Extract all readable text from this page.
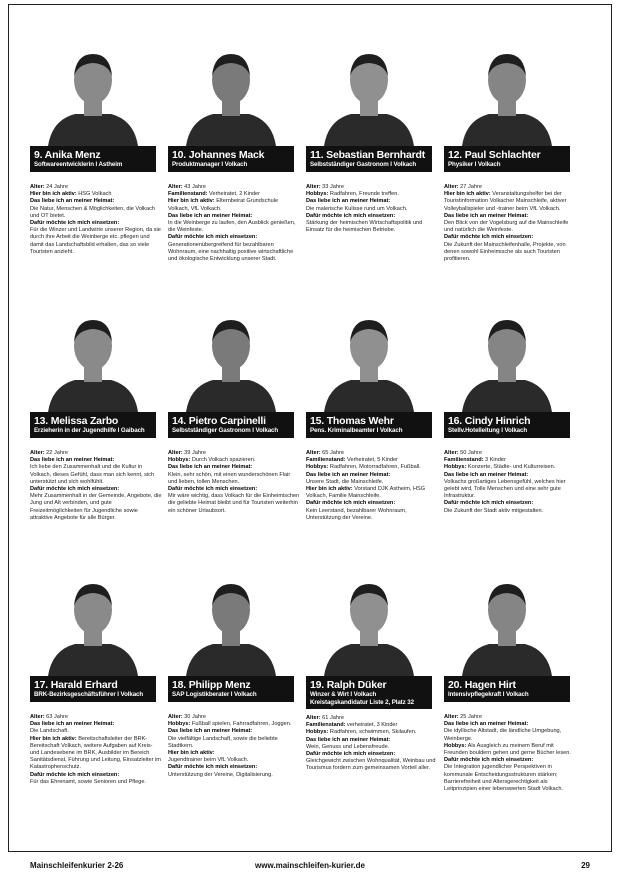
9. Anika Menz
Softwareentwicklerin I Astheim

Alter: 24 Jahre

Hier bin ich aktiv: HSG Volkach

Das liebe ich an meiner Heimat:

Die Natur, Menschen & Möglichkeiten, die Volkach und OT bietet.

Dafür möchte ich mich einsetzen:

Für die Winzer und Landwirte unserer Region, da sie durch ihre Arbeit die Weinberge etc. pflegen und damit das Landschaftsbild erhalten, das so viele Touristen anzieht.

10. Johannes Mack
Produktmanager I Volkach

Alter: 43 Jahre

Familienstand: Verheiratet, 2 Kinder

Hier bin ich aktiv: Elternbeirat Grundschule Volkach, VfL Volkach.

Das liebe ich an meiner Heimat:

In die Weinberge zu laufen, den Ausblick genießen, die Weinfeste.

Dafür möchte ich mich einsetzen:

Generationenübergreifend für bezahlbaren Wohnraum, eine nachhaltig positive wirtschaftliche und ökologische Entwicklung unserer Stadt.

11. Sebastian Bernhardt
Selbstständiger Gastronom I Volkach

Alter: 33 Jahre

Hobbys: Radfahren, Freunde treffen.

Das liebe ich an meiner Heimat:

Die malerische Kulisse rund um Volkach.

Dafür möchte ich mich einsetzen:

Stärkung der heimischen Wirtschaftspolitik und Einsatz für die heimischen Betriebe.

12. Paul Schlachter
Physiker I Volkach

Alter: 27 Jahre

Hier bin ich aktiv: Veranstaltungshelfer bei der Touristinformation Volkacher Mainschleife, aktiver Volleyballspieler und -trainer beim VfL Volkach.

Das liebe ich an meiner Heimat:

Den Blick von der Vogelsburg auf die Mainschleife und natürlich die Weinfeste.

Dafür möchte ich mich einsetzen:

Die Zukunft der Mainschleifenhalle, Projekte, von denen sowohl Einheimische als auch Touristen profitieren.

13. Melissa Zarbo
Erzieherin in der Jugendhilfe I Gaibach

Alter: 22 Jahre

Das liebe ich an meiner Heimat:

Ich liebe den Zusammenhalt und die Kultur in Volkach, dieses Gefühl, dass man sich kennt, sich unterstützt und sich wohlfühlt.

Dafür möchte ich mich einsetzen:

Mehr Zusammenhalt in der Gemeinde, Angebote, die Jung und Alt verbinden, und gute Freizeitmöglichkeiten für Jugendliche sowie attraktive Angebote für alle Bürger.

14. Pietro Carpinelli
Selbstständiger Gastronom I Volkach

Alter: 39 Jahre

Hobbys: Durch Volkach spazieren.

Das liebe ich an meiner Heimat:

Klein, sehr schön, mit einen wunderschönen Flair und lieben, tollen Menschen.

Dafür möchte ich mich einsetzen:

Mir wäre wichtig, dass Volkach für die Einheimischen die geliebte Heimat bleibt und für Touristen weiterhin ein schöner Urlaubsort.

15. Thomas Wehr
Pens. Kriminalbeamter I Volkach

Alter: 65 Jahre

Familienstand: Verheiratet, 5 Kinder

Hobbys: Radfahren, Motorradfahren, Fußball.

Das liebe ich an meiner Heimat:

Unsere Stadt, die Mainschleife.

Hier bin ich aktiv: Vorstand DJK Astheim, HSG Volkach, Familie Mainschleife.

Dafür möchte ich mich einsetzen:

Kein Leerstand, bezahlbarer Wohnraum, Unterstützung der Vereine.

16. Cindy Hinrich
Stellv.Hotelleitung I Volkach

Alter: 50 Jahre

Familienstand: 3 Kinder

Hobbys: Konzerte, Städte- und Kulturreisen.

Das liebe ich an meiner Heimat:

Volkachs großartiges Lebensgefühl, welches hier gelebt wird, Tolle Menschen und eine sehr gute Infrastruktur.

Dafür möchte ich mich einsetzen:

Die Zukunft der Stadt aktiv mitgestalten.

17. Harald Erhard
BRK-Bezirksgeschäftsführer I Volkach

Alter: 63 Jahre

Das liebe ich an meiner Heimat:

Die Landschaft.

Hier bin ich aktiv: Bereitschaftsleiter der BRK-Bereitschaft Volkach, weitere Aufgaben auf Kreis- und Landesebene im BRK, Ausbilder im Bereich Sanitätsdienst, Führung und Leitung, Einsatzleiter im Katastrophenschutz.

Dafür möchte ich mich einsetzen:

Für das Ehrenamt, sowie Senioren und Pflege.

18. Philipp Menz
SAP Logistikberater I Volkach

Alter: 30 Jahre

Hobbys: Fußball spielen, Fahrradfahren, Joggen.

Das liebe ich an meiner Heimat:

Die vielfältige Landschaft, sowie die beliebte Stadtkern.

Hier bin ich aktiv:

Jugendtrainer beim VfL Volkach.

Dafür möchte ich mich einsetzen:

Unterstützung der Vereine, Digitalisierung.

19. Ralph Düker
Winzer & Wirt I Volkach
Kreistagskandidatur Liste 2, Platz 32

Alter: 61 Jahre

Familienstand: verheiratet, 3 Kinder

Hobbys: Radfahren, schwimmen, Skilaufen.

Das liebe ich an meiner Heimat:

Wein, Genuss und Lebensfreude.

Dafür möchte ich mich einsetzen:

Gleichgewicht zwischen Wohnqualität, Weinbau und Tourismus fordern zum gemeinsamen Vorteil aller.

20. Hagen Hirt
Intensivpflegekraft I Volkach

Alter: 25 Jahre

Das liebe ich an meiner Heimat:

Die idyllische Altstadt, die ländliche Umgebung, Weinberge.

Hobbys: Als Ausgleich zu meinem Beruf mit Freunden bouldern gehen und gerne Bücher lesen.

Dafür möchte ich mich einsetzen:

Die Integration jugendlicher Perspektiven in kommunale Entscheidungsstrukturen stärken; Barrierefreiheit und Altersgerechtigkeit als Leitprinzipien einer lebenswerten Stadt Volkach.

Mainschleifenkurier 2-26	www.mainschleifen-kurier.de	29
